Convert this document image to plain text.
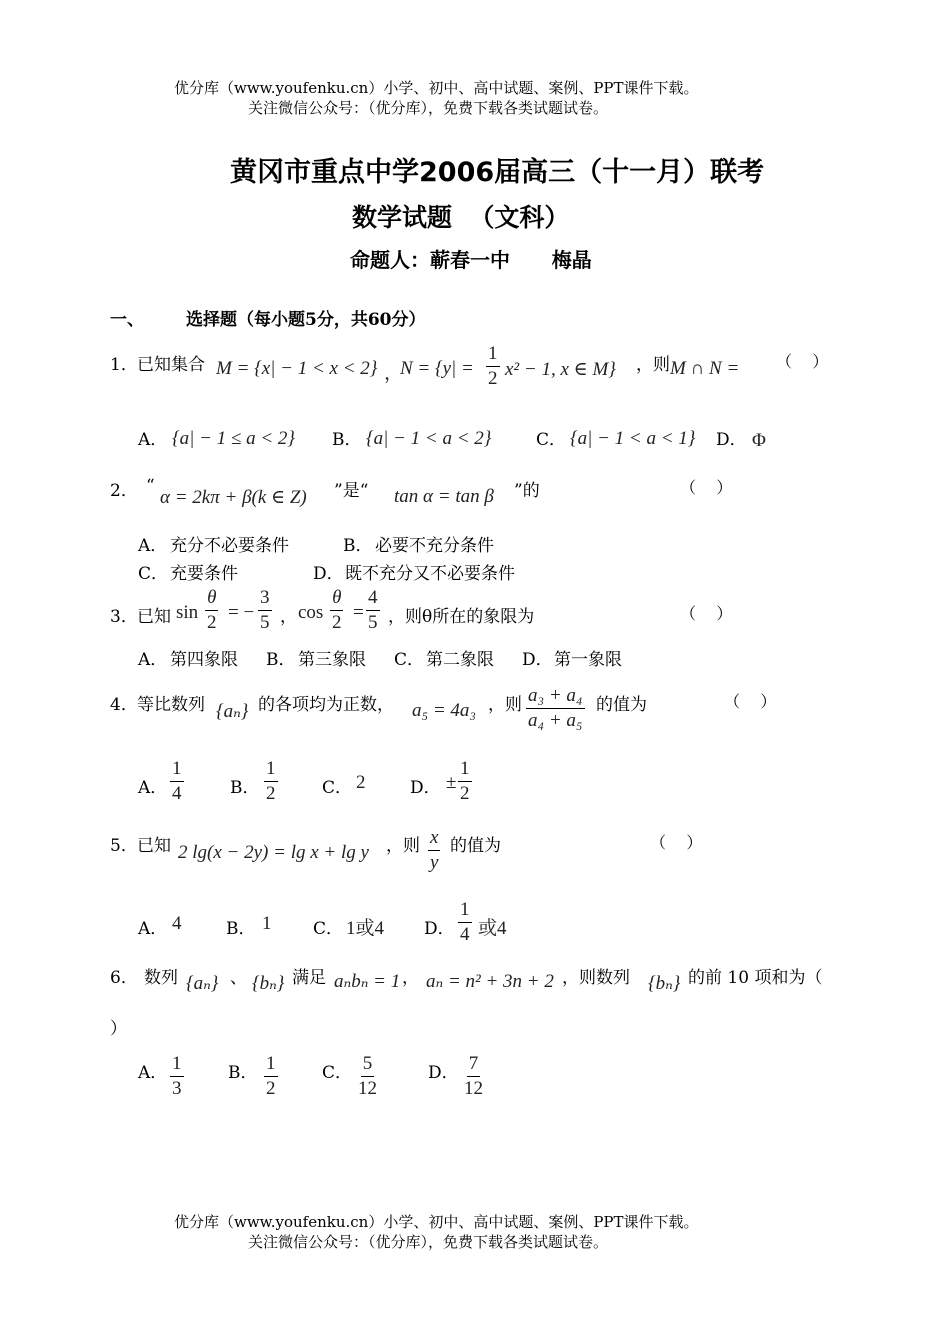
优分库（www.youfenku.cn）小学、初中、高中试题、案例、PPT课件下载。
关注微信公众号：（优分库），免费下载各类试题试卷。
黄冈市重点中学2006届高三（十一月）联考
数学试题  （文科）
命题人：蕲春一中      梅晶
一、 选择题（每小题5分，共60分）
1． 已知集合 M = {x| − 1 < x < 2} ，
$N = \{y| = \frac{1}{2} x^2 - 1$, x ∈ M} ，则 M ∩ N = （    ）
A． {a| − 1 ≤ a < 2} B． {a| − 1 < a < 2}	C． {a| − 1 < a < 1} D． Φ
2． “
α = 2kπ + β(k ∈ Z) ”是“ tan α = tan β ”的	（    ）
A． 充分不必要条件	B． 必要不充分条件
C． 充要条件	D． 既不充分又不必要条件
3． 已知 $\sin \frac{\theta}{2}$ = − $\frac{3}{5}$ ， $\cos \frac{\theta}{2} = \frac{4}{5}$ ，则θ所在的象限为	（    ）
A． 第四象限 B． 第三象限 C． 第二象限 D． 第一象限
4． 等比数列 {aₙ} 的各项均为正数， a₅ = 4a₃ ，则 $\frac{\text{a₃ + a₄}}{\text{a₄ + a₅}}$ 的值为	（    ）
A． $\frac{1}{4}$	B． $\frac{1}{2}$	C． 2	D． ± $\frac{1}{2}$
5． 已知 2 lg(x − 2y) = lg x + lg y ，则 $\frac{x}{y}$ 的值为	（    ）
A． 4	B． 1 C． 1或4 D． $\frac{1}{4}$ 或4
6． 数列 {aₙ} 、 {bₙ} 满足 aₙbₙ = 1 ， aₙ = n² + 3n + 2 ，则数列 {bₙ} 的前 10 项和为（
）
A． $\frac{1}{3}$	B． $\frac{1}{2}$	C． $\frac{5}{12}$	D． $\frac{7}{12}$
优分库（www.youfenku.cn）小学、初中、高中试题、案例、PPT课件下载。
关注微信公众号：（优分库），免费下载各类试题试卷。
